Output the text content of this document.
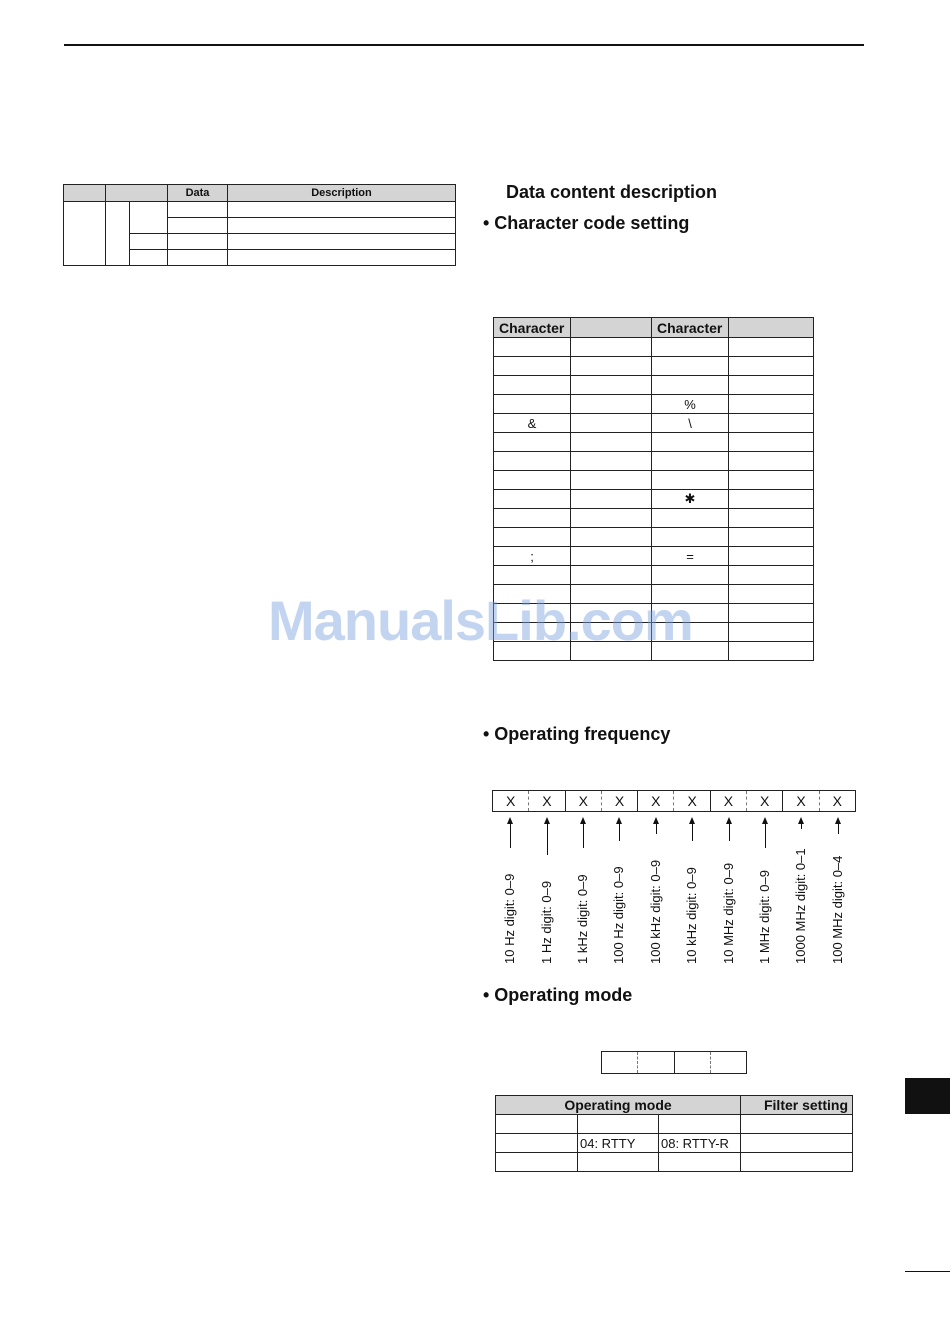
			Data	Description

			Data content description
• Character code setting
Character		Character	

		%	
&		\	

		✱	

;		=	

ManualsLib.com
• Operating frequency
X	X	X	X	X	X	X	X	X	X
10 Hz digit: 0–9 1 Hz digit: 0–9 1 kHz digit: 0–9 100 Hz digit: 0–9 100 kHz digit: 0–9 10 kHz digit: 0–9 10 MHz digit: 0–9 1 MHz digit: 0–9 1000 MHz digit: 0–1 100 MHz digit: 0–4
• Operating mode
Operating mode			Filter setting

	04: RTTY	08: RTTY-R	
